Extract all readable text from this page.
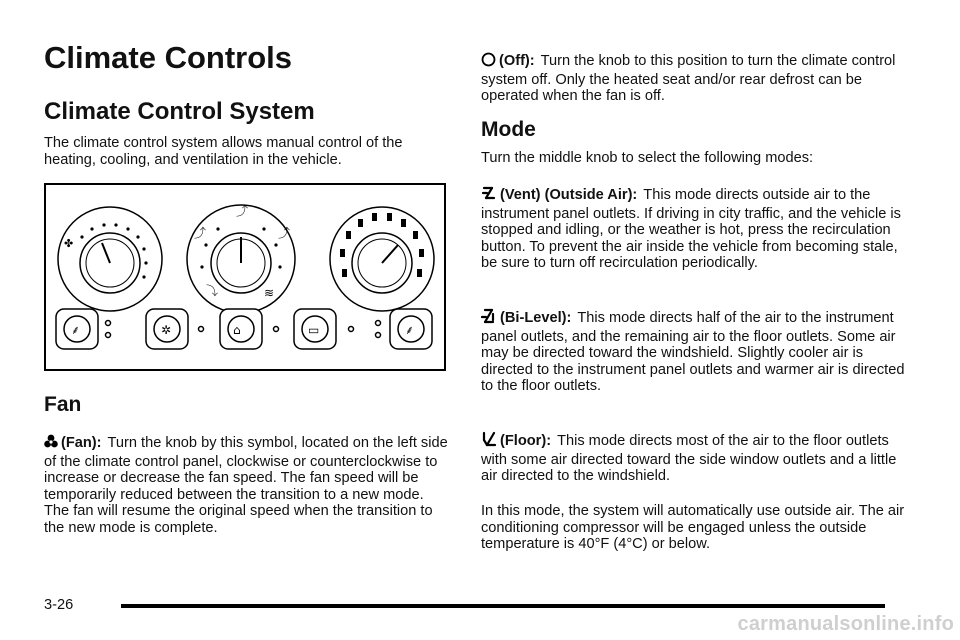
Climate Controls
Climate Control System

The climate control system allows manual control of the heating, cooling, and ventilation in the vehicle.

✤
⤴
⤴
⤴
⤵	≋
⸙	✲	⌂	▭	⸙
Fan

(Fan): Turn the knob by this symbol, located on the left side of the climate control panel, clockwise or counterclockwise to increase or decrease the fan speed. The fan speed will be temporarily reduced between the transition to a new mode. The fan will resume the original speed when the transition to the new mode is complete.

(Off): Turn the knob to this position to turn the climate control system off. Only the heated seat and/or rear defrost can be operated when the fan is off.

Mode

Turn the middle knob to select the following modes:

(Vent) (Outside Air): This mode directs outside air to the instrument panel outlets. If driving in city traffic, and the vehicle is stopped and idling, or the weather is hot, press the recirculation button. To prevent the air inside the vehicle from becoming stale, be sure to turn off recirculation periodically.

(Bi-Level): This mode directs half of the air to the instrument panel outlets, and the remaining air to the floor outlets. Some air may be directed toward the windshield. Slightly cooler air is directed to the instrument panel outlets and warmer air is directed to the floor outlets.

(Floor): This mode directs most of the air to the floor outlets with some air directed toward the side window outlets and a little air directed to the windshield.

In this mode, the system will automatically use outside air. The air conditioning compressor will be engaged unless the outside temperature is 40°F (4°C) or below.

3-26
carmanualsonline.info
